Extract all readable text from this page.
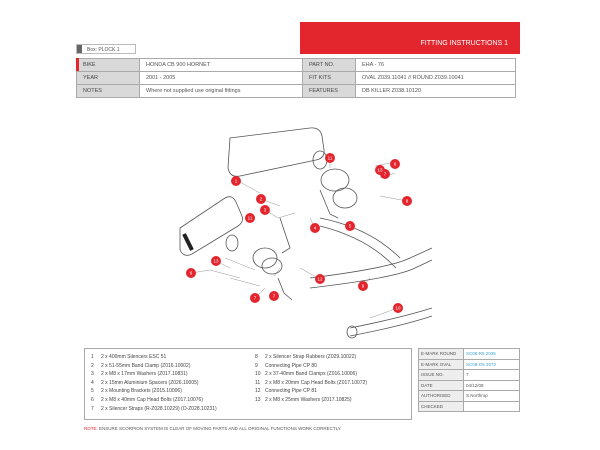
Box: PLOCK 1
FITTING INSTRUCTIONS 1
BIKE	HONDA CB 900 HORNET	PART NO.	EHA - 76
YEAR	2001 - 2005	FIT KITS	OVAL Z039.11041 // ROUND Z039.10041
NOTES	Where not supplied use original fittings	FEATURES	DB KILLER Z038.10120
1
2
3
4	5
6
6
7	7
7
8
9
10
11
11
12
13
13
1 2 x 400mm Silencers ESC 51
2 2 x 51-55mm Band Clamp (Z016.10002)
3 2 x M8 x 17mm Washers (Z017.10831)
4 2 x 15mm Aluminium Spacers (Z026.10005)
5 2 x Mounting Brackets (Z015.10006)
6 2 x M8 x 40mm Cap Head Bolts (Z017.10076)
7 2 x Silencer Straps (R-Z028.10229) (O-Z028.10231)
8 2 x Silencer Strap Rubbers (Z029.10022)
9 Connecting Pipe CP 80
10 2 x 37-40mm Band Clamps (Z016.10006)
11 2 x M8 x 20mm Cap Head Bolts (Z017.10072)
12 Connecting Pipe CP 81
13 2 x M8 x 25mm Washers (Z017.10825)
E-MARK ROUND	SC08-R5 2035
E-MARK OVAL	SC08-O5 2072
ISSUE NO.	7
DATE	04/12/08
AUTHORISED	S.Northrop
CHECKED	
NOTE: ENSURE SCORPION SYSTEM IS CLEAR OF MOVING PARTS AND ALL ORIGINAL FUNCTIONS WORK CORRECTLY.
